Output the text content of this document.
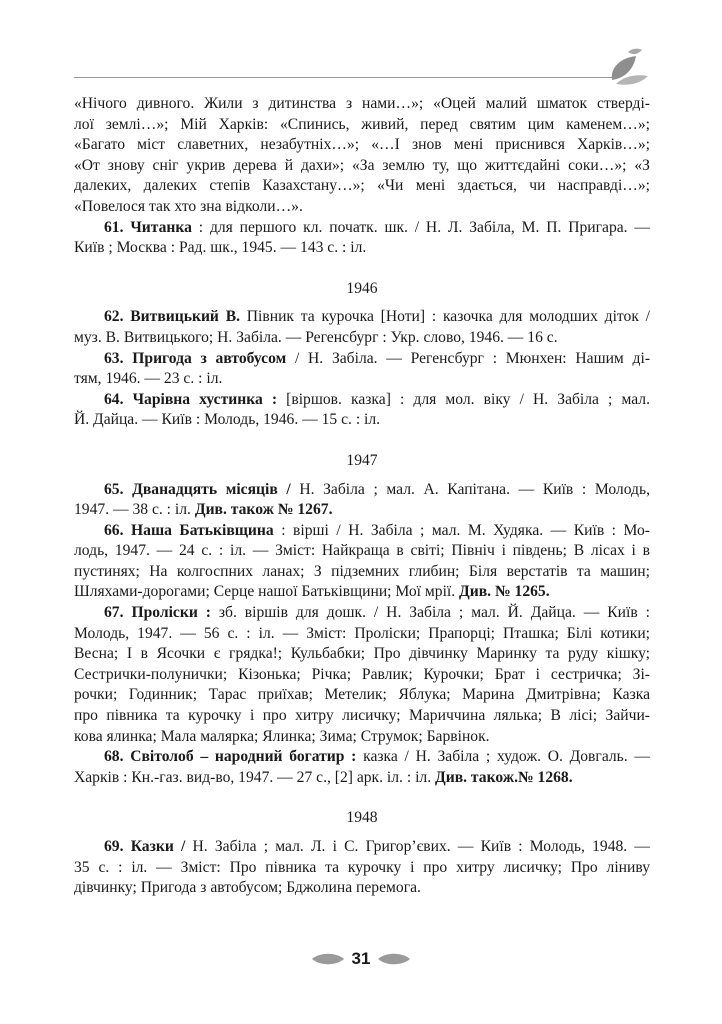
«Нічого дивного. Жили з дитинства з нами…»; «Оцей малий шматок стверді-
лої землі…»; Мій Харків: «Спинись, живий, перед святим цим каменем…»;
«Багато міст славетних, незабутніх…»; «…І знов мені приснився Харків…»;
«От знову сніг укрив дерева й дахи»; «За землю ту, що життєдайні соки…»; «З
далеких, далеких степів Казахстану…»; «Чи мені здається, чи насправді…»;
«Повелося так хто зна відколи…».
61. Читанка : для першого кл. початк. шк. / Н. Л. Забіла, М. П. Пригара. —
Київ ; Москва : Рад. шк., 1945. — 143 с. : іл.
1946
62. Витвицький В. Півник та курочка [Ноти] : казочка для молодших діток /
муз. В. Витвицького; Н. Забіла. — Регенсбург : Укр. слово, 1946. — 16 с.
63. Пригода з автобусом / Н. Забіла. — Регенсбург : Мюнхен: Нашим ді-
тям, 1946. — 23 с. : іл.
64. Чарівна хустинка : [віршов. казка] : для мол. віку / Н. Забіла ; мал.
Й. Дайца. — Київ : Молодь, 1946. — 15 с. : іл.
1947
65. Дванадцять місяців / Н. Забіла ; мал. А. Капітана. — Київ : Молодь,
1947. — 38 с. : іл. Див. також № 1267.
66. Наша Батьківщина : вірші / Н. Забіла ; мал. М. Худяка. — Київ : Мо-
лодь, 1947. — 24 с. : іл. — Зміст: Найкраща в світі; Північ і південь; В лісах і в
пустинях; На колгоспних ланах; З підземних глибин; Біля верстатів та машин;
Шляхами-дорогами; Серце нашої Батьківщини; Мої мрії. Див. № 1265.
67. Проліски : зб. віршів для дошк. / Н. Забіла ; мал. Й. Дайца. — Київ :
Молодь, 1947. — 56 с. : іл. — Зміст: Проліски; Прапорці; Пташка; Білі котики;
Весна; І в Ясочки є грядка!; Кульбабки; Про дівчинку Маринку та руду кішку;
Сестрички-полунички; Кізонька; Річка; Равлик; Курочки; Брат і сестричка; Зі-
рочки; Годинник; Тарас приїхав; Метелик; Яблука; Марина Дмитрівна; Казка
про півника та курочку і про хитру лисичку; Мариччина лялька; В лісі; Зайчи-
кова ялинка; Мала малярка; Ялинка; Зима; Струмок; Барвінок.
68. Світолоб – народний богатир : казка / Н. Забіла ; худож. О. Довгаль. —
Харків : Кн.-газ. вид-во, 1947. — 27 с., [2] арк. іл. : іл. Див. також.№ 1268.
1948
69. Казки / Н. Забіла ; мал. Л. і С. Григор’євих. — Київ : Молодь, 1948. —
35 с. : іл. — Зміст: Про півника та курочку і про хитру лисичку; Про ліниву
дівчинку; Пригода з автобусом; Бджолина перемога.
31
